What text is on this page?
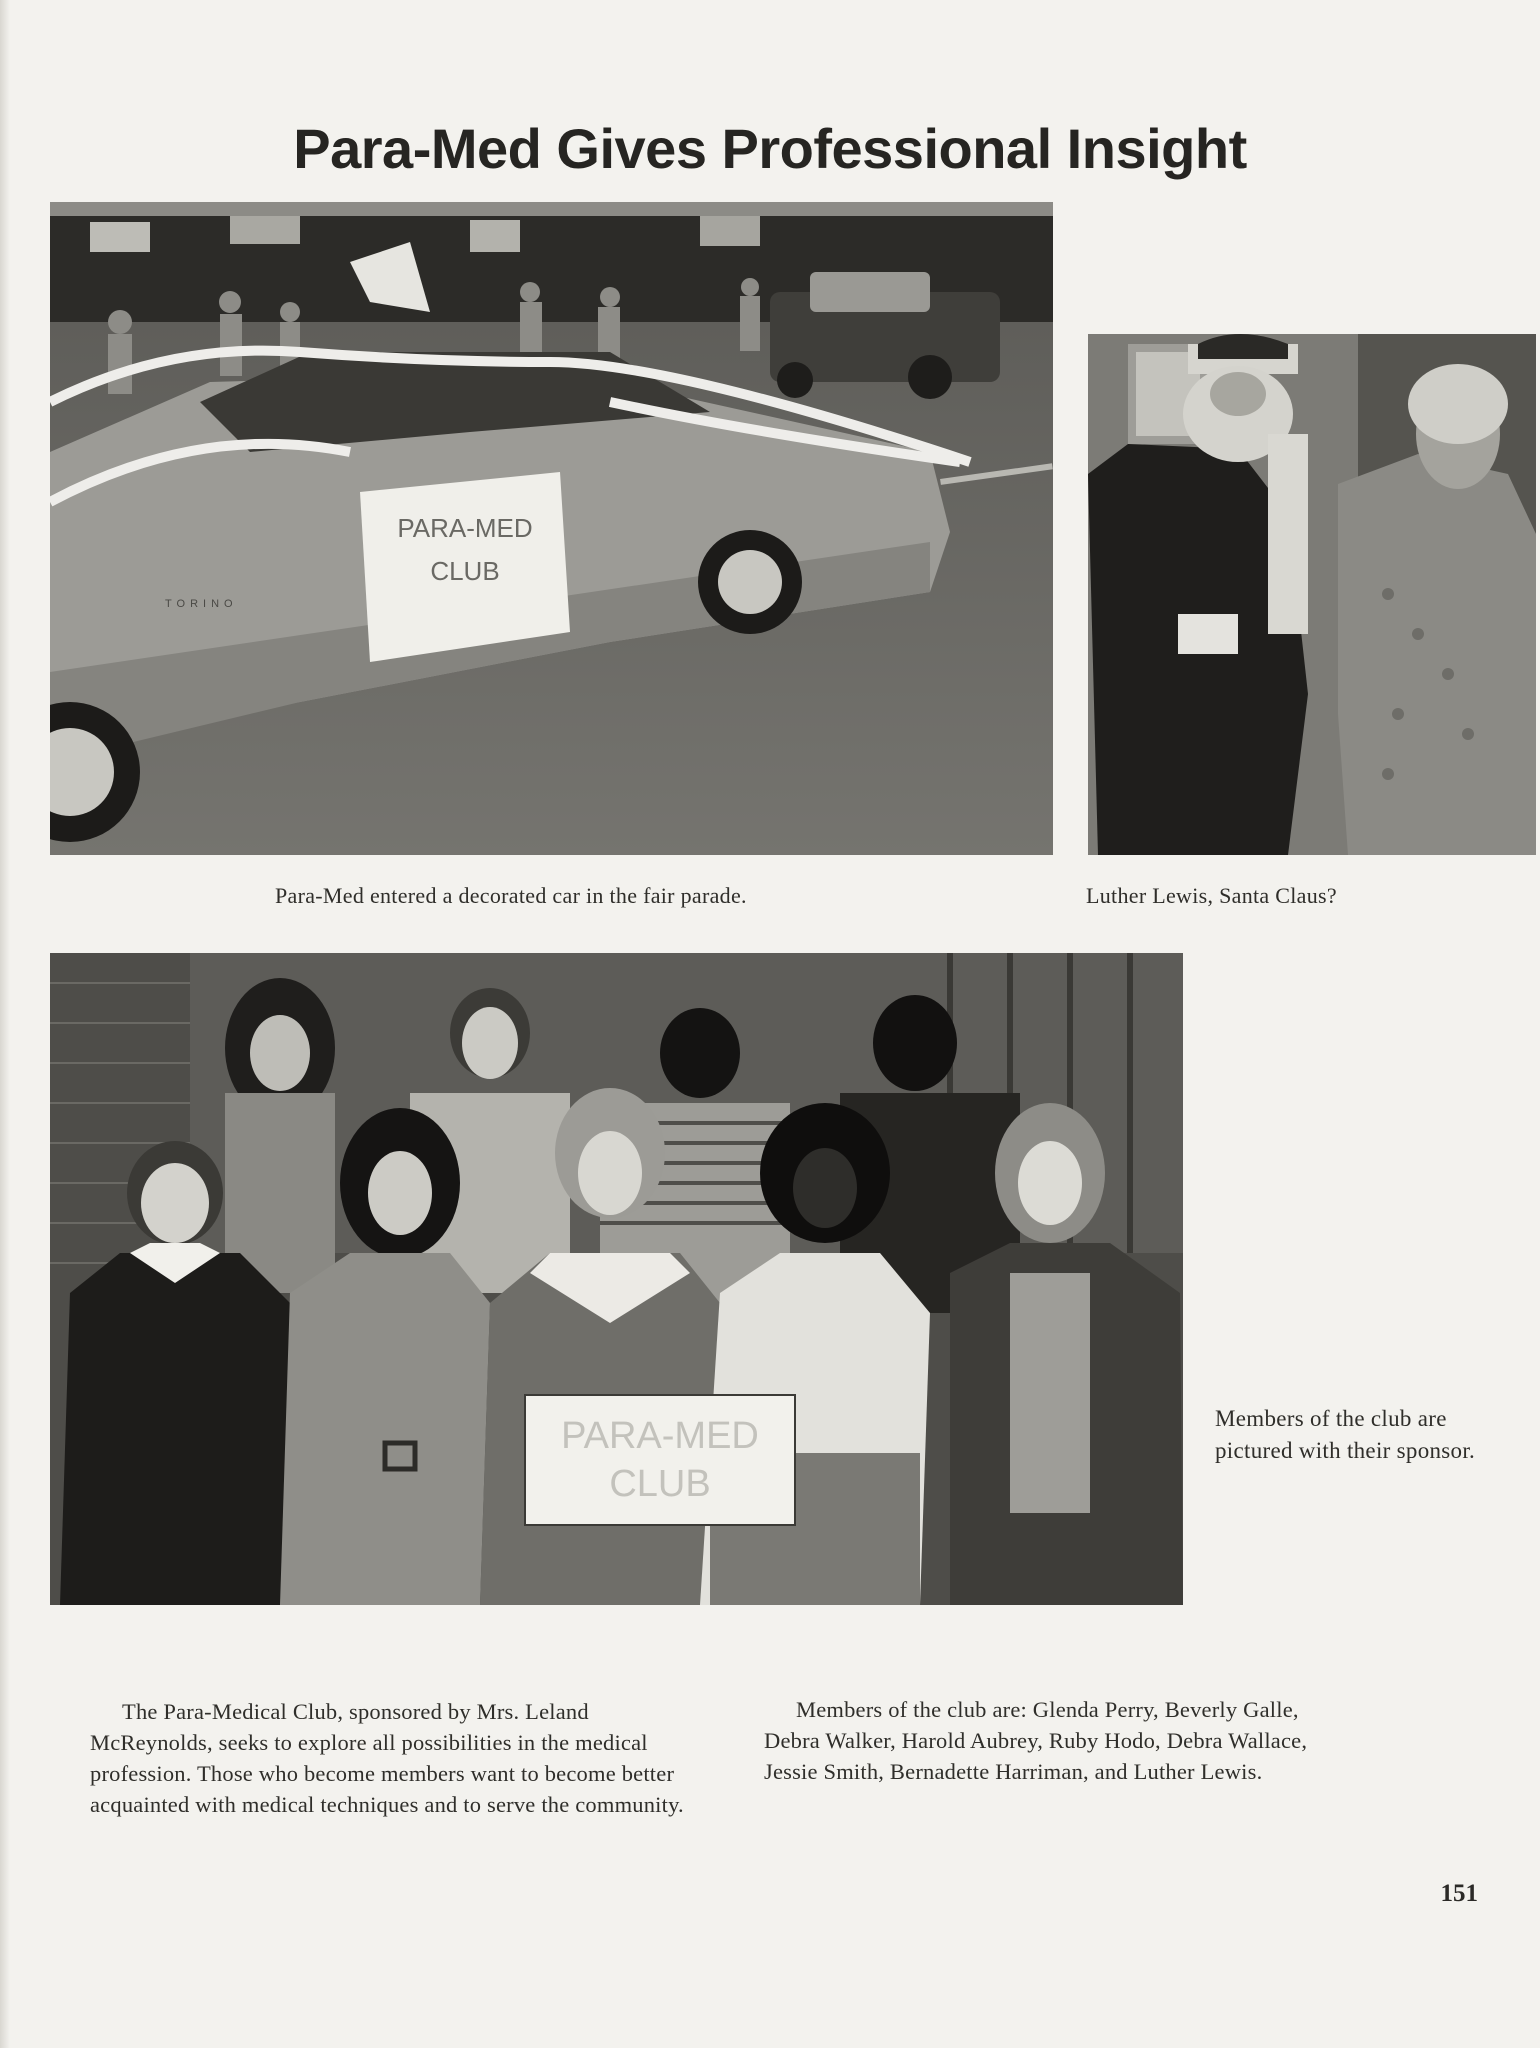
Para-Med Gives Professional Insight
PARA-MED
CLUB
TORINO
Para-Med entered a decorated car in the fair parade.	Luther Lewis, Santa Claus?
PARA-MED
CLUB
Members of the club are pictured with their sponsor.

The Para-Medical Club, sponsored by Mrs. Leland McReynolds, seeks to explore all possibilities in the medical profession. Those who become members want to become better acquainted with medical techniques and to serve the community.

Members of the club are: Glenda Perry, Beverly Galle, Debra Walker, Harold Aubrey, Ruby Hodo, Debra Wallace, Jessie Smith, Bernadette Harriman, and Luther Lewis.

151
